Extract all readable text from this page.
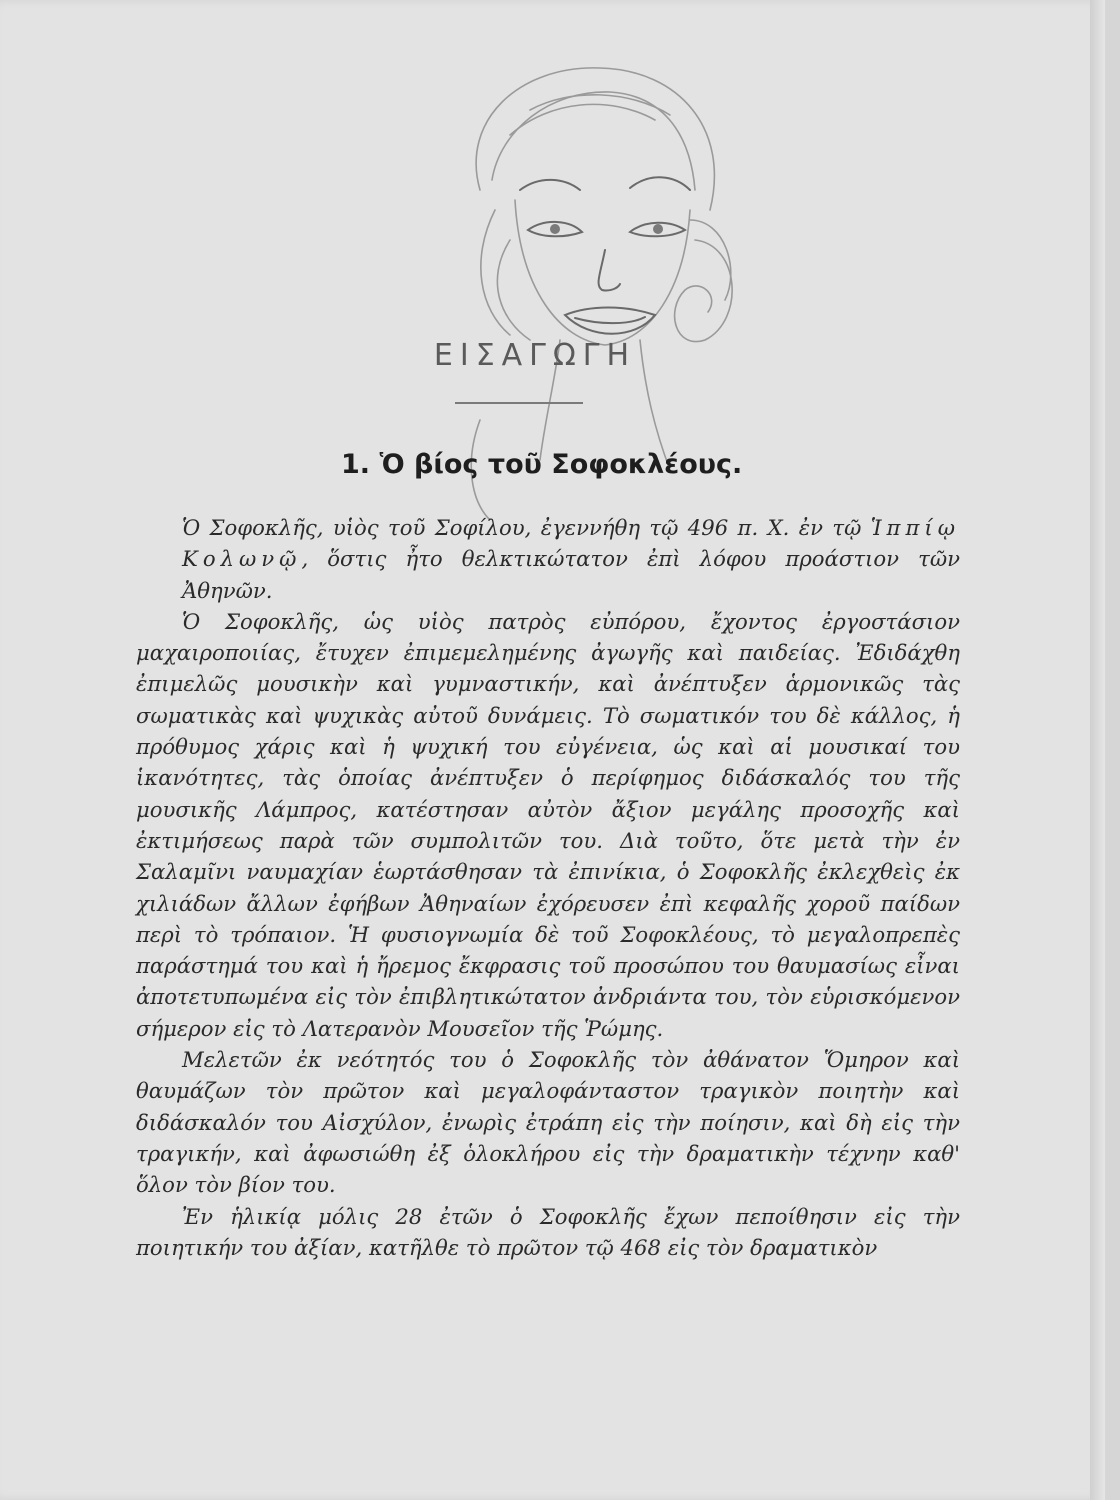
ΕΙΣΑΓΩΓΗ
1. Ὁ βίος τοῦ Σοφοκλέους.

Ὁ Σοφοκλῆς, υἱὸς τοῦ Σοφίλου, ἐγεννήθη τῷ 496 π. Χ. ἐν τῷ Ἱππίῳ Κολωνῷ, ὅστις ἦτο θελκτικώτατον ἐπὶ λόφου προάστιον τῶν Ἀθηνῶν.

Ὁ Σοφοκλῆς, ὡς υἱὸς πατρὸς εὐπόρου, ἔχοντος ἐργοστάσιον μαχαιροποιίας, ἔτυχεν ἐπιμεμελημένης ἀγωγῆς καὶ παιδείας. Ἐδιδάχθη ἐπιμελῶς μουσικὴν καὶ γυμναστικήν, καὶ ἀνέπτυξεν ἁρμονικῶς τὰς σωματικὰς καὶ ψυχικὰς αὐτοῦ δυνάμεις. Τὸ σωματικόν του δὲ κάλλος, ἡ πρόθυμος χάρις καὶ ἡ ψυχική του εὐγένεια, ὡς καὶ αἱ μουσικαί του ἱκανότητες, τὰς ὁποίας ἀνέπτυξεν ὁ περίφημος διδάσκαλός του τῆς μουσικῆς Λάμπρος, κατέστησαν αὐτὸν ἄξιον μεγάλης προσοχῆς καὶ ἐκτιμήσεως παρὰ τῶν συμπολιτῶν του. Διὰ τοῦτο, ὅτε μετὰ τὴν ἐν Σαλαμῖνι ναυμαχίαν ἑωρτάσθησαν τὰ ἐπινίκια, ὁ Σοφοκλῆς ἐκλεχθεὶς ἐκ χιλιάδων ἄλλων ἐφήβων Ἀθηναίων ἐχόρευσεν ἐπὶ κεφαλῆς χοροῦ παίδων περὶ τὸ τρόπαιον. Ἡ φυσιογνωμία δὲ τοῦ Σοφοκλέους, τὸ μεγαλοπρεπὲς παράστημά του καὶ ἡ ἤρεμος ἔκφρασις τοῦ προσώπου του θαυμασίως εἶναι ἀποτετυπωμένα εἰς τὸν ἐπιβλητικώτατον ἀνδριάντα του, τὸν εὑρισκόμενον σήμερον εἰς τὸ Λατερανὸν Μουσεῖον τῆς Ῥώμης.

Μελετῶν ἐκ νεότητός του ὁ Σοφοκλῆς τὸν ἀθάνατον Ὅμηρον καὶ θαυμάζων τὸν πρῶτον καὶ μεγαλοφάνταστον τραγικὸν ποιητὴν καὶ διδάσκαλόν του Αἰσχύλον, ἐνωρὶς ἐτράπη εἰς τὴν ποίησιν, καὶ δὴ εἰς τὴν τραγικήν, καὶ ἀφωσιώθη ἐξ ὁλοκλήρου εἰς τὴν δραματικὴν τέχνην καθ' ὅλον τὸν βίον του.

Ἐν ἡλικίᾳ μόλις 28 ἐτῶν ὁ Σοφοκλῆς ἔχων πεποίθησιν εἰς τὴν ποιητικήν του ἀξίαν, κατῆλθε τὸ πρῶτον τῷ 468 εἰς τὸν δραματικὸν
